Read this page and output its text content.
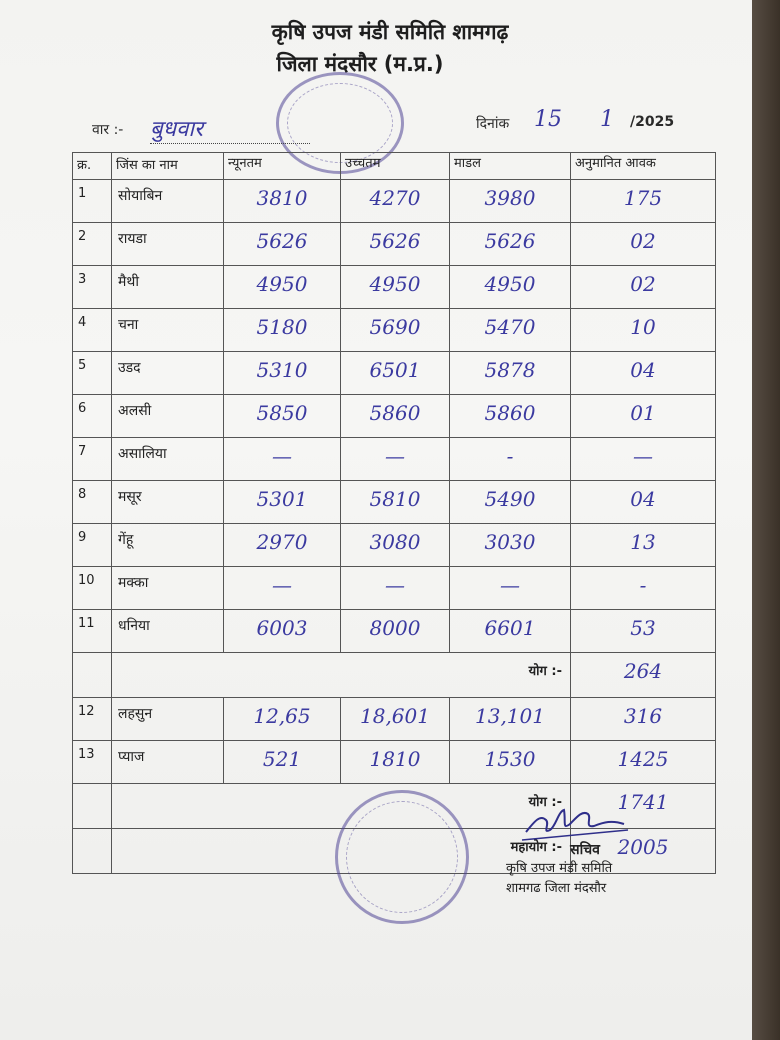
कृषि उपज मंडी समिति शामगढ़
जिला मंदसौर (म.प्र.)
वार :- बुधवार	दिनांक 15 1 /2025
क्र.	जिंस का नाम	न्यूनतम	उच्चतम	माडल	अनुमानित आवक
1	सोयाबिन	3810	4270	3980	175
2	रायडा	5626	5626	5626	02
3	मैथी	4950	4950	4950	02
4	चना	5180	5690	5470	10
5	उडद	5310	6501	5878	04
6	अलसी	5850	5860	5860	01
7	असालिया	—	—	-	—
8	मसूर	5301	5810	5490	04
9	गेंहू	2970	3080	3030	13
10	मक्का	—	—	—	-
11	धनिया	6003	8000	6601	53
	योग :-				264
12	लहसुन	12,65	18,601	13,101	316
13	प्याज	521	1810	1530	1425
	योग :-				1741
	महायोग :-				2005
सचिव
कृषि उपज मंडी समिति
शामगढ जिला मंदसौर
